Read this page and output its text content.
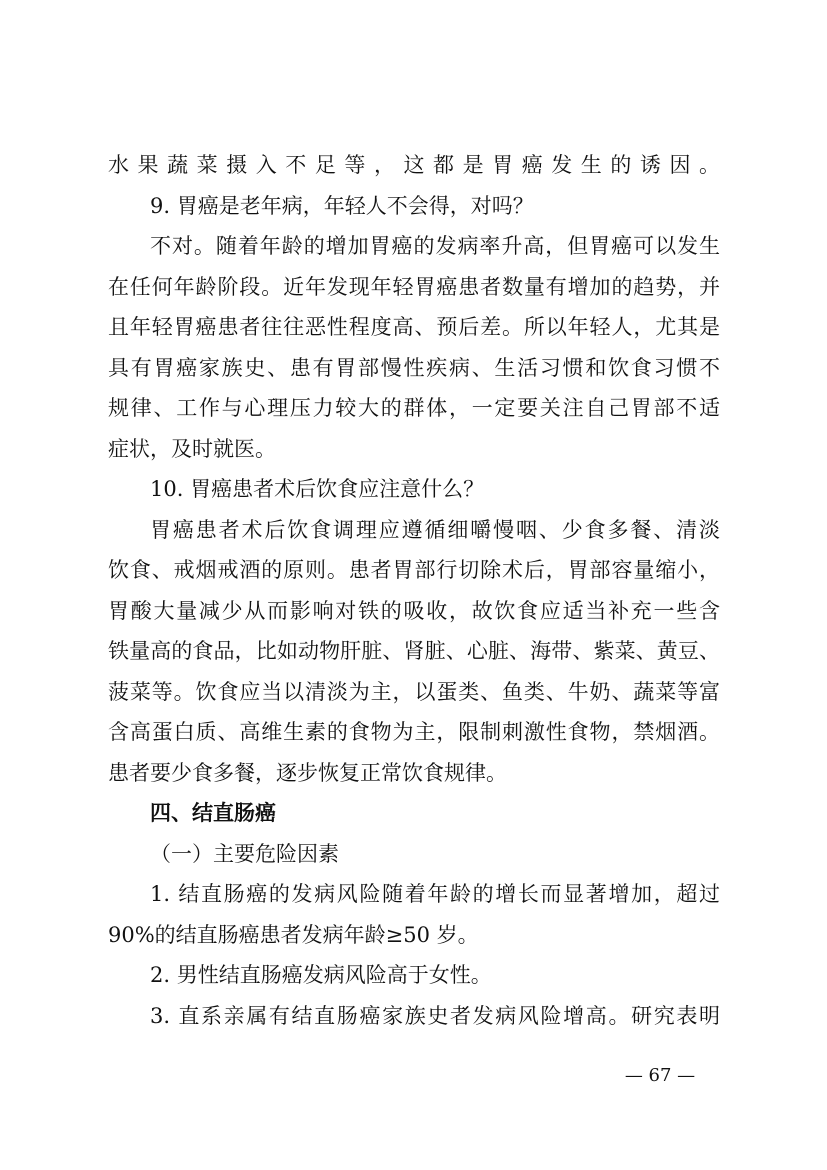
水果蔬菜摄入不足等，这都是胃癌发生的诱因。
9. 胃癌是老年病，年轻人不会得，对吗？
不对。随着年龄的增加胃癌的发病率升高，但胃癌可以发生
在任何年龄阶段。近年发现年轻胃癌患者数量有增加的趋势，并
且年轻胃癌患者往往恶性程度高、预后差。所以年轻人，尤其是
具有胃癌家族史、患有胃部慢性疾病、生活习惯和饮食习惯不
规律、工作与心理压力较大的群体，一定要关注自己胃部不适
症状，及时就医。
10. 胃癌患者术后饮食应注意什么？
胃癌患者术后饮食调理应遵循细嚼慢咽、少食多餐、清淡
饮食、戒烟戒酒的原则。患者胃部行切除术后，胃部容量缩小，
胃酸大量减少从而影响对铁的吸收，故饮食应适当补充一些含
铁量高的食品，比如动物肝脏、肾脏、心脏、海带、紫菜、黄豆、
菠菜等。饮食应当以清淡为主，以蛋类、鱼类、牛奶、蔬菜等富
含高蛋白质、高维生素的食物为主，限制刺激性食物，禁烟酒。
患者要少食多餐，逐步恢复正常饮食规律。
四、结直肠癌
（一）主要危险因素
1. 结直肠癌的发病风险随着年龄的增长而显著增加，超过
90%的结直肠癌患者发病年龄≥50 岁。
2. 男性结直肠癌发病风险高于女性。
3. 直系亲属有结直肠癌家族史者发病风险增高。研究表明
— 67 —
